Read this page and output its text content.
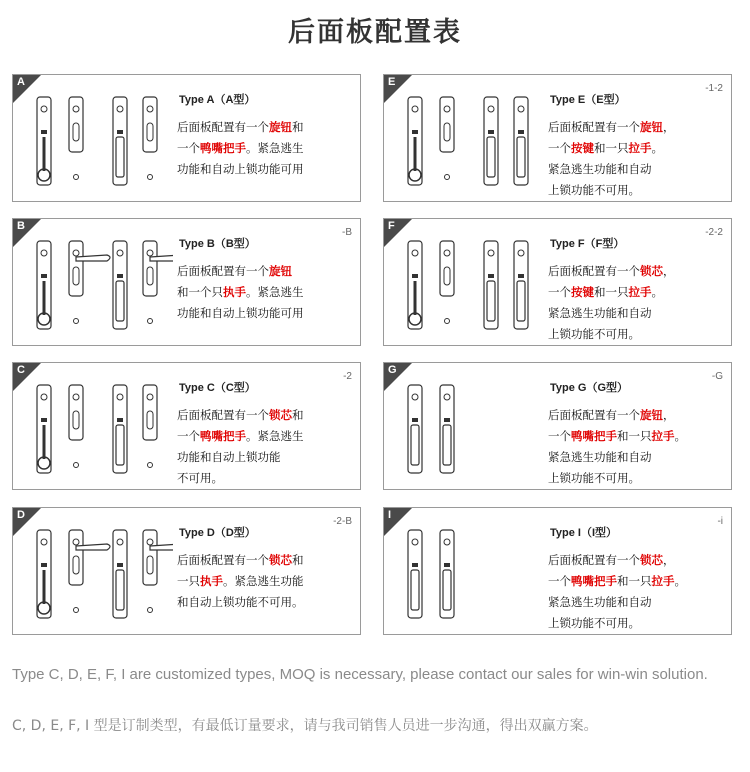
后面板配置表
A
Type A（A型）
后面板配置有一个旋钮和
一个鸭嘴把手。紧急逃生
功能和自动上锁功能可用
E
-1-2
Type E（E型）
后面板配置有一个旋钮，
一个按键和一只拉手。
紧急逃生功能和自动
上锁功能不可用。
B
-B
Type B（B型）
后面板配置有一个旋钮
和一个只执手。紧急逃生
功能和自动上锁功能可用
F
-2-2
Type F（F型）
后面板配置有一个锁芯，
一个按键和一只拉手。
紧急逃生功能和自动
上锁功能不可用。
C
-2
Type C（C型）
后面板配置有一个锁芯和
一个鸭嘴把手。紧急逃生
功能和自动上锁功能
不可用。
G
-G
Type G（G型）
后面板配置有一个旋钮，
一个鸭嘴把手和一只拉手。
紧急逃生功能和自动
上锁功能不可用。
D
-2-B
Type D（D型）
后面板配置有一个锁芯和
一只执手。紧急逃生功能
和自动上锁功能不可用。
I
-i
Type I（I型）
后面板配置有一个锁芯，
一个鸭嘴把手和一只拉手。
紧急逃生功能和自动
上锁功能不可用。
Type C, D, E, F, I are customized types, MOQ is necessary, please contact our sales for win-win solution.
C, D, E, F, I 型是订制类型，有最低订量要求，请与我司销售人员进一步沟通，得出双赢方案。
